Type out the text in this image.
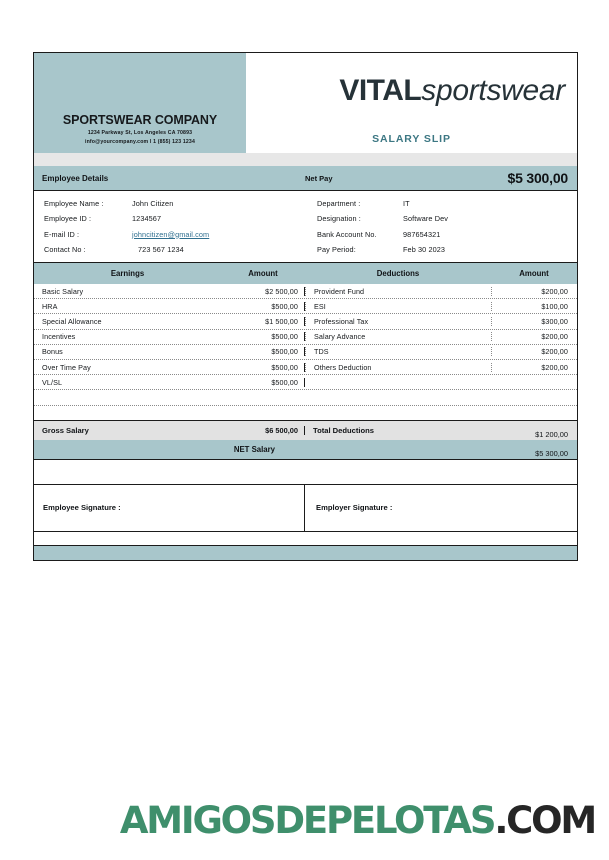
SPORTSWEAR COMPANY
1234 Parkway St, Los Angeles CA 70893
info@yourcompany.com l 1 (855) 123 1234
VITALsportswear
SALARY SLIP
Employee Details	Net Pay	$5 300,00
Employee Name :	John Citizen
Employee ID :	1234567
E-mail ID :	johncitizen@gmail.com
Contact No :	723 567 1234
Department :	IT
Designation :	Software Dev
Bank Account No.	987654321
Pay Period:	Feb 30 2023
Earnings	Amount	Deductions	Amount
Basic Salary	$2 500,00	Provident Fund	$200,00
HRA	$500,00	ESI	$100,00
Special Allowance	$1 500,00	Professional Tax	$300,00
Incentives	$500,00	Salary Advance	$200,00
Bonus	$500,00	TDS	$200,00
Over Time Pay	$500,00	Others Deduction	$200,00
VL/SL	$500,00
Gross Salary	$6 500,00	Total Deductions	$1 200,00
NET Salary	$5 300,00
Employee Signature :	Employer Signature :
AMIGOSDEPELOTAS.COM
